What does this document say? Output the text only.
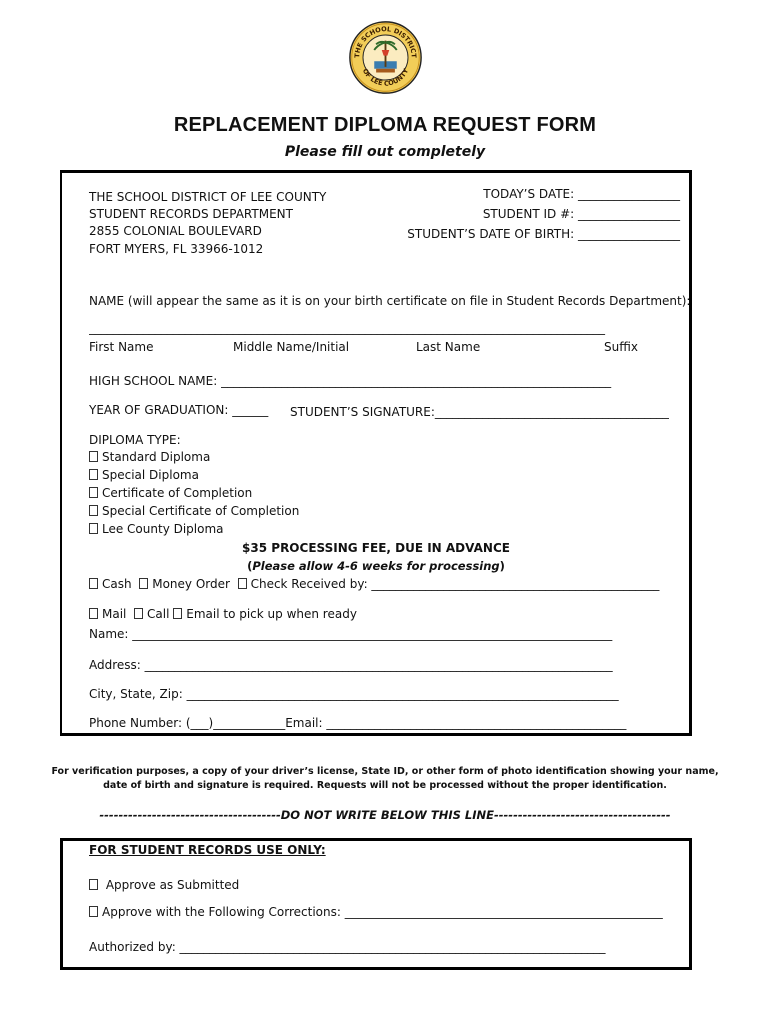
THE SCHOOL DISTRICT
OF LEE COUNTY
REPLACEMENT DIPLOMA REQUEST FORM
Please fill out completely
THE SCHOOL DISTRICT OF LEE COUNTY
STUDENT RECORDS DEPARTMENT
2855 COLONIAL BOULEVARD
FORT MYERS, FL 33966-1012
TODAY’S DATE: _________________
STUDENT ID #: _________________
STUDENT’S DATE OF BIRTH: _________________
NAME (will appear the same as it is on your birth certificate on file in Student Records Department):
______________________________________________________________________________________
First Name	Middle Name/Initial	Last Name	Suffix
HIGH SCHOOL NAME: _________________________________________________________________
YEAR OF GRADUATION: ______ STUDENT’S SIGNATURE:_______________________________________
DIPLOMA TYPE:
Standard Diploma
Special Diploma
Certificate of Completion
Special Certificate of Completion
Lee County Diploma
$35 PROCESSING FEE, DUE IN ADVANCE
(Please allow 4-6 weeks for processing)
Cash Money Order Check Received by: ________________________________________________
Mail Call Email to pick up when ready
Name: ________________________________________________________________________________
Address: ______________________________________________________________________________
City, State, Zip: ________________________________________________________________________
Phone Number: (___)____________Email: __________________________________________________
For verification purposes, a copy of your driver’s license, State ID, or other form of photo identification showing your name,
date of birth and signature is required. Requests will not be processed without the proper identification.
--------------------------------------DO NOT WRITE BELOW THIS LINE-------------------------------------
FOR STUDENT RECORDS USE ONLY:
Approve as Submitted
Approve with the Following Corrections: _____________________________________________________
Authorized by: _______________________________________________________________________
